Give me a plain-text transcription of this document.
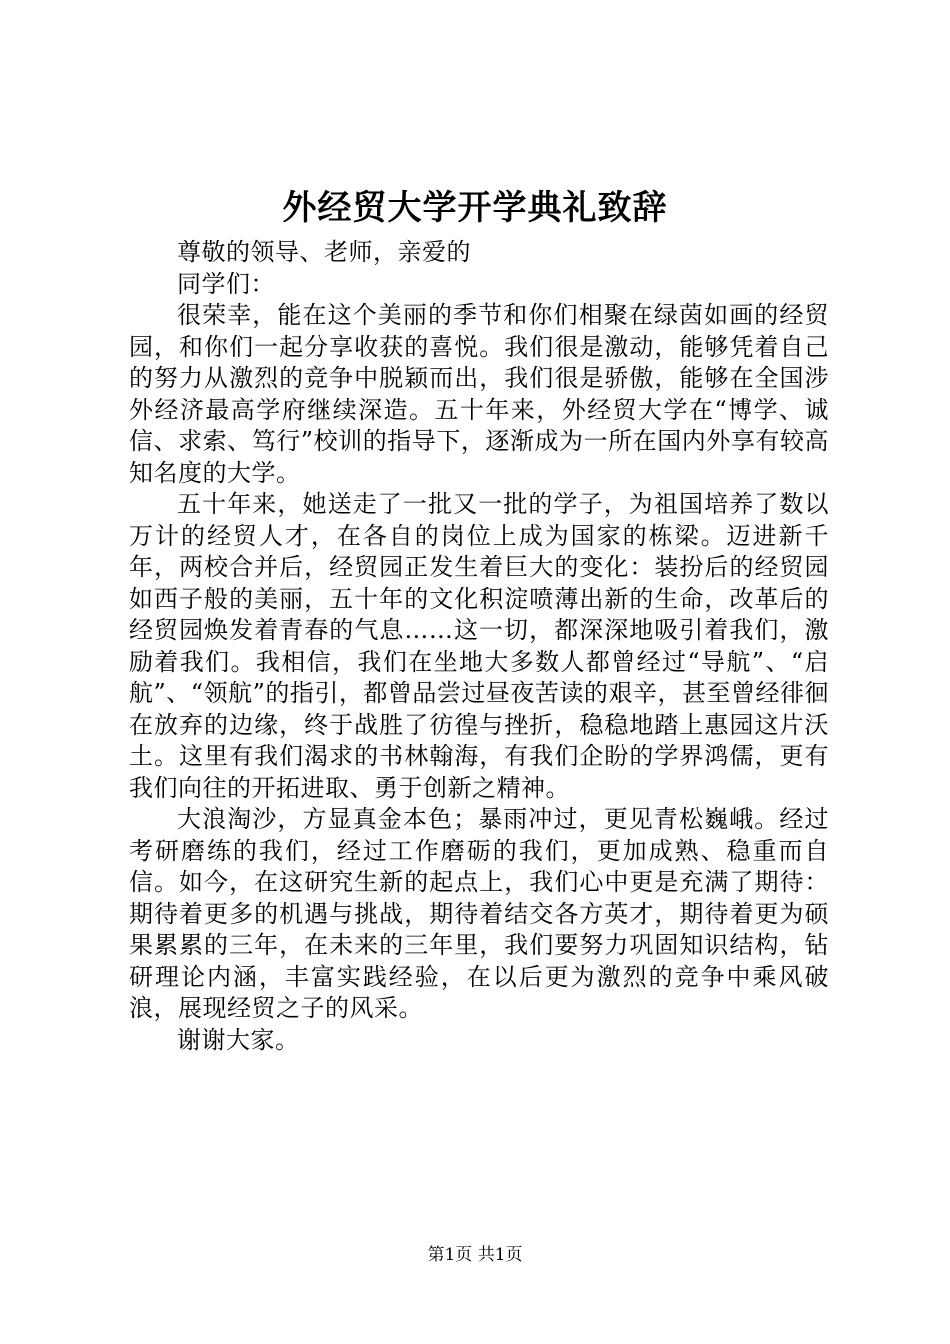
外经贸大学开学典礼致辞

尊敬的领导、老师，亲爱的

同学们：

很荣幸，能在这个美丽的季节和你们相聚在绿茵如画的经贸园，和你们一起分享收获的喜悦。我们很是激动，能够凭着自己的努力从激烈的竞争中脱颖而出，我们很是骄傲，能够在全国涉外经济最高学府继续深造。五十年来，外经贸大学在“博学、诚信、求索、笃行”校训的指导下，逐渐成为一所在国内外享有较高知名度的大学。

五十年来，她送走了一批又一批的学子，为祖国培养了数以万计的经贸人才，在各自的岗位上成为国家的栋梁。迈进新千年，两校合并后，经贸园正发生着巨大的变化：装扮后的经贸园如西子般的美丽，五十年的文化积淀喷薄出新的生命，改革后的经贸园焕发着青春的气息……这一切，都深深地吸引着我们，激励着我们。我相信，我们在坐地大多数人都曾经过“导航”、“启航”、“领航”的指引，都曾品尝过昼夜苦读的艰辛，甚至曾经徘徊在放弃的边缘，终于战胜了彷徨与挫折，稳稳地踏上惠园这片沃土。这里有我们渴求的书林翰海，有我们企盼的学界鸿儒，更有我们向往的开拓进取、勇于创新之精神。

大浪淘沙，方显真金本色；暴雨冲过，更见青松巍峨。经过考研磨练的我们，经过工作磨砺的我们，更加成熟、稳重而自信。如今，在这研究生新的起点上，我们心中更是充满了期待：期待着更多的机遇与挑战，期待着结交各方英才，期待着更为硕果累累的三年，在未来的三年里，我们要努力巩固知识结构，钻研理论内涵，丰富实践经验，在以后更为激烈的竞争中乘风破浪，展现经贸之子的风采。

谢谢大家。

第1页 共1页
